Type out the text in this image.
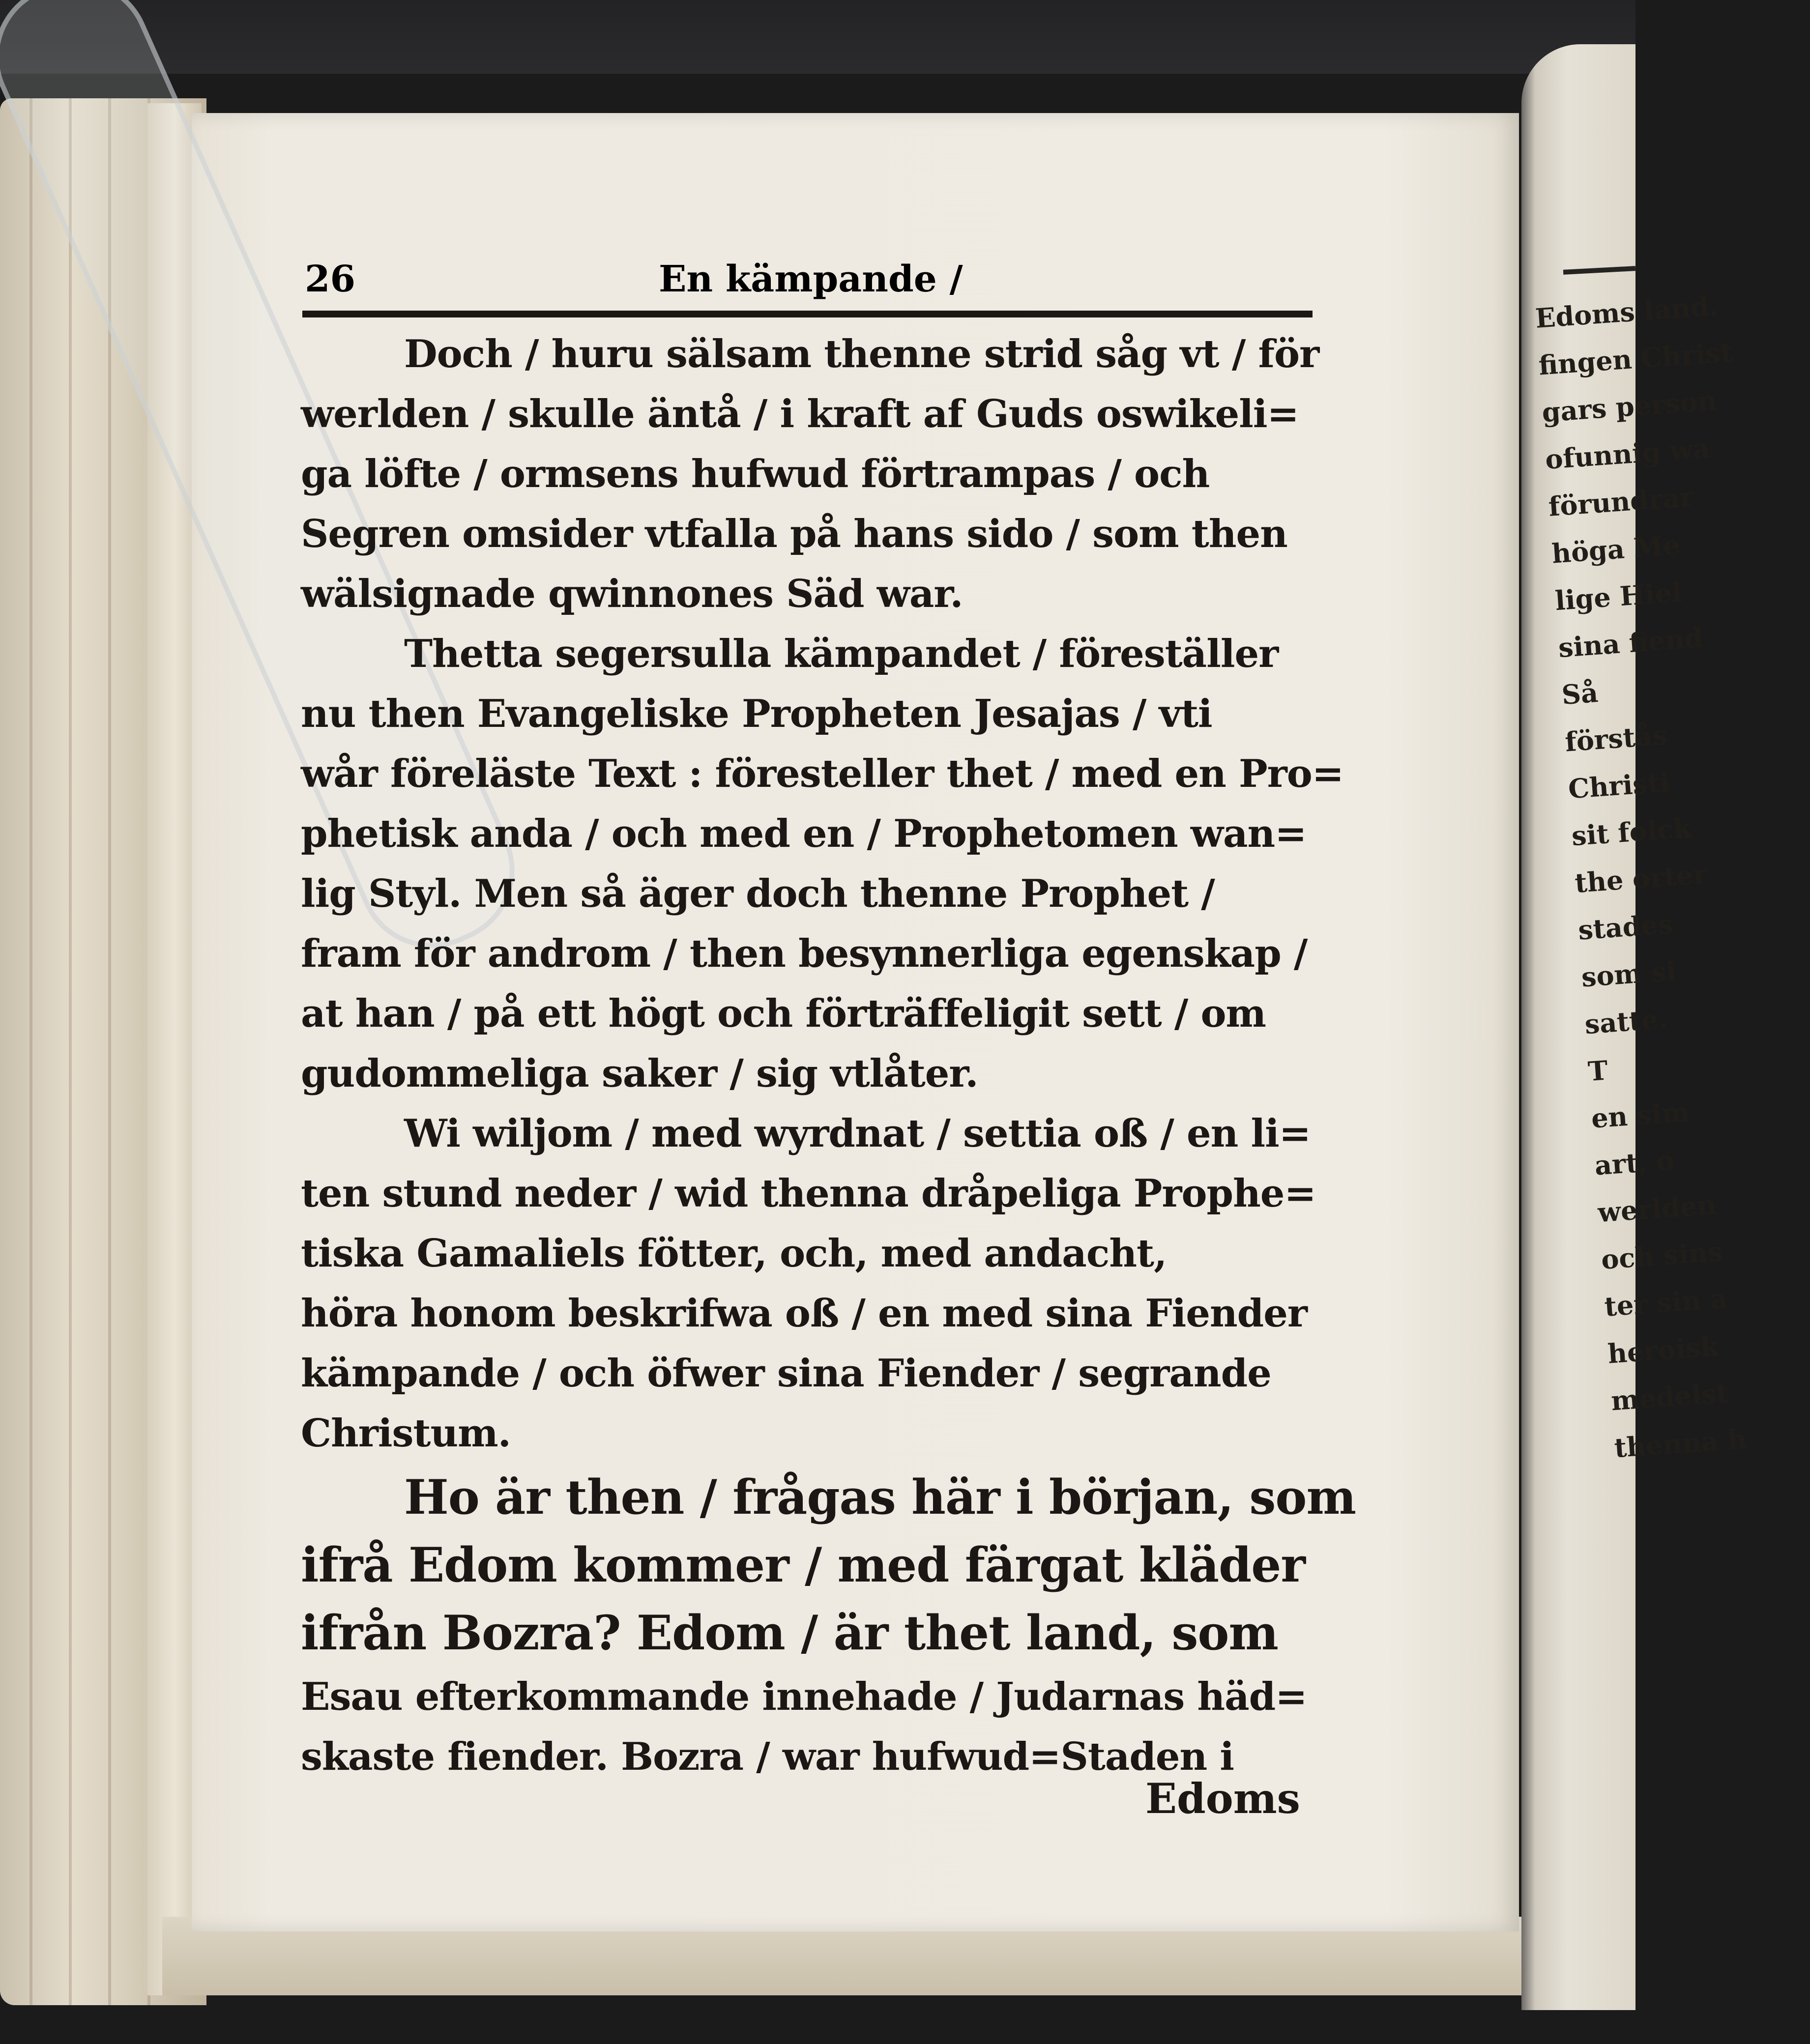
26	En kämpande /
Doch / huru sälsam thenne strid såg vt / för
werlden / skulle äntå / i kraft af Guds oswikeli=
ga löfte / ormsens hufwud förtrampas / och
Segren omsider vtfalla på hans sido / som then
wälsignade qwinnones Säd war.
Thetta segersulla kämpandet / föreställer
nu then Evangeliske Propheten Jesajas / vti
wår föreläste Text : föresteller thet / med en Pro=
phetisk anda / och med en / Prophetomen wan=
lig Styl. Men så äger doch thenne Prophet /
fram för androm / then besynnerliga egenskap /
at han / på ett högt och förträffeligit sett / om
gudommeliga saker / sig vtlåter.
Wi wiljom / med wyrdnat / settia oß / en li=
ten stund neder / wid thenna dråpeliga Prophe=
tiska Gamaliels fötter, och, med andacht,
höra honom beskrifwa oß / en med sina Fiender
kämpande / och öfwer sina Fiender / segrande
Christum.
Ho är then / frågas här i början, som
ifrå Edom kommer / med färgat kläder
ifrån Bozra? Edom / är thet land, som
Esau efterkommande innehade / Judarnas häd=
skaste fiender. Bozra / war hufwud=Staden i
Edoms
Edoms land.
fingen Christ
gars person
ofunnig wa
förundrar
höga Me
lige Hiel
sina fiend
Så
förstås
Christi
sit folck
the orter
stades
som si
satte.
T
en sim
art, o
werlden
och sins
ter sin a
heroisk
medelst
thenna h
